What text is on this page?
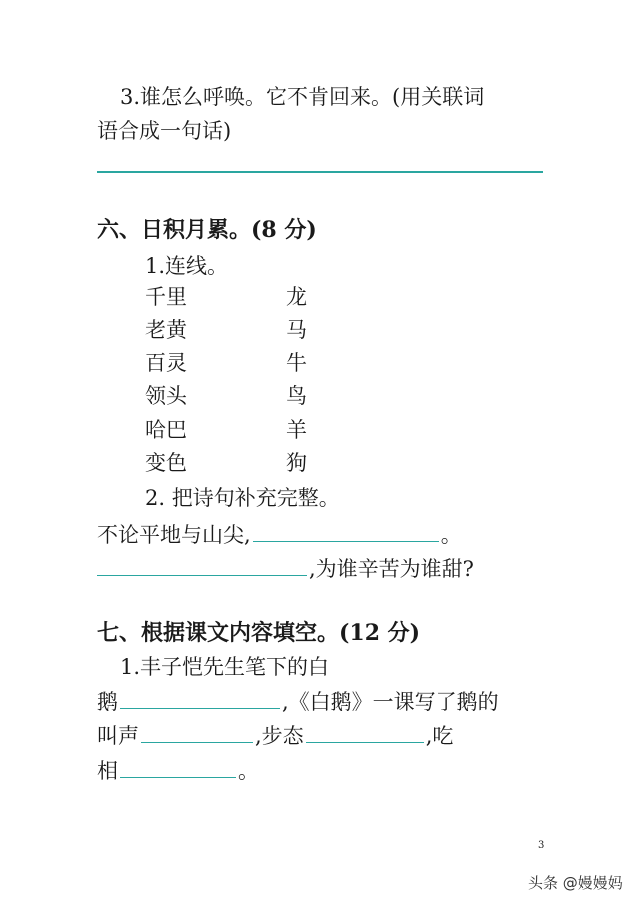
3.谁怎么呼唤。它不肯回来。(用关联词
语合成一句话)
六、日积月累。(8 分)
1.连线。
千里	龙
老黄	马
百灵	牛
领头	鸟
哈巴	羊
变色	狗
2. 把诗句补充完整。
不论平地与山尖,	。
,为谁辛苦为谁甜?
七、根据课文内容填空。(12 分)
1.丰子恺先生笔下的白
鹅	,《白鹅》一课写了鹅的
叫声	,步态	,吃
相	。
3
头条 @嫚嫚妈
